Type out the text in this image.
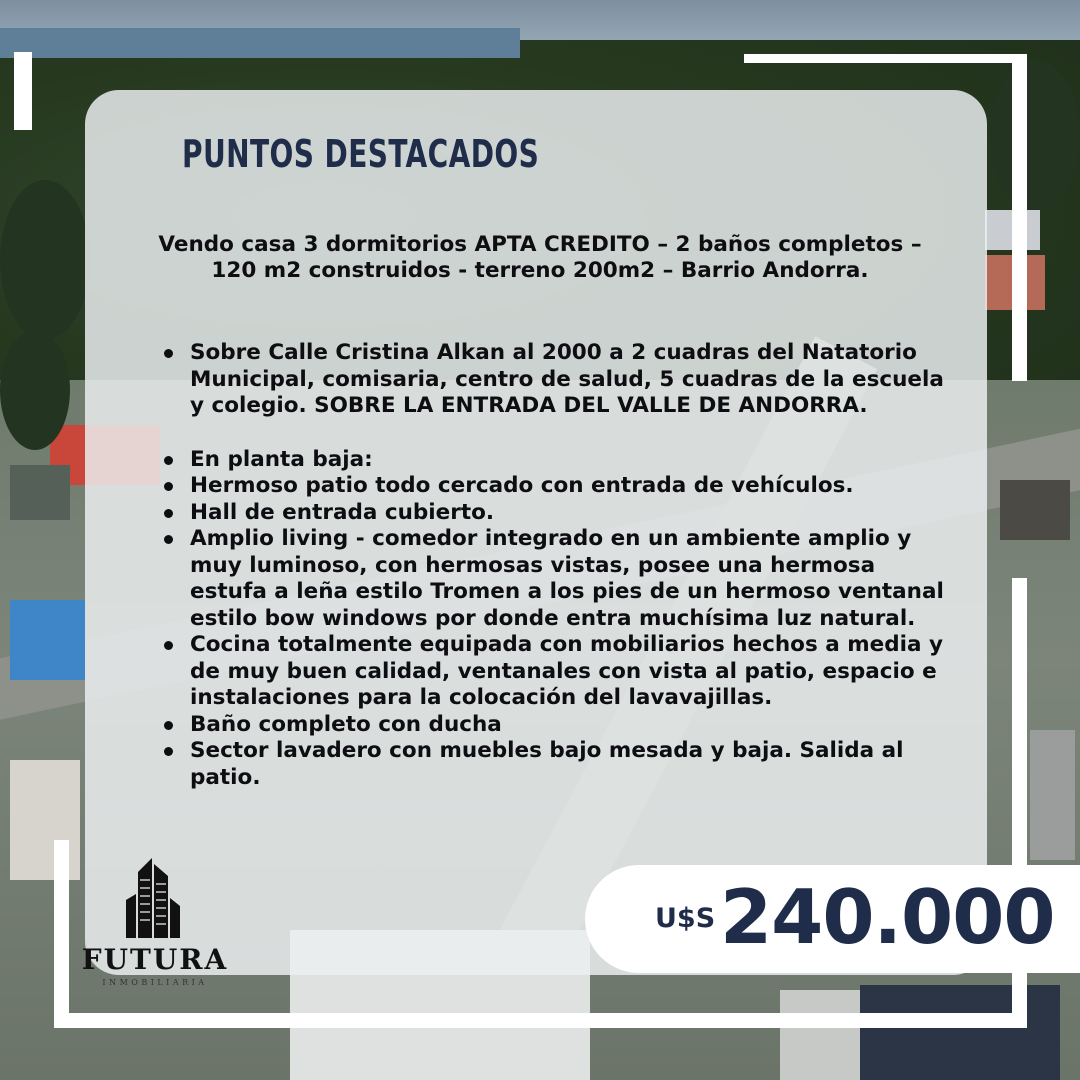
PUNTOS DESTACADOS
Vendo casa 3 dormitorios APTA CREDITO – 2 baños completos – 120 m2 construidos - terreno 200m2 – Barrio Andorra.
Sobre Calle Cristina Alkan al 2000 a 2 cuadras del Natatorio Municipal, comisaria, centro de salud, 5 cuadras de la escuela y colegio. SOBRE LA ENTRADA DEL VALLE DE ANDORRA.
En planta baja:
Hermoso patio todo cercado con entrada de vehículos.
Hall de entrada cubierto.
Amplio living - comedor integrado en un ambiente amplio y muy luminoso, con hermosas vistas, posee una hermosa estufa a leña estilo Tromen a los pies de un hermoso ventanal estilo bow windows por donde entra muchísima luz natural.
Cocina totalmente equipada con mobiliarios hechos a media y de muy buen calidad, ventanales con vista al patio, espacio e instalaciones para la colocación del lavavajillas.
Baño completo con ducha
Sector lavadero con muebles bajo mesada y baja. Salida al patio.
U$S 240.000
FUTURA
INMOBILIARIA
